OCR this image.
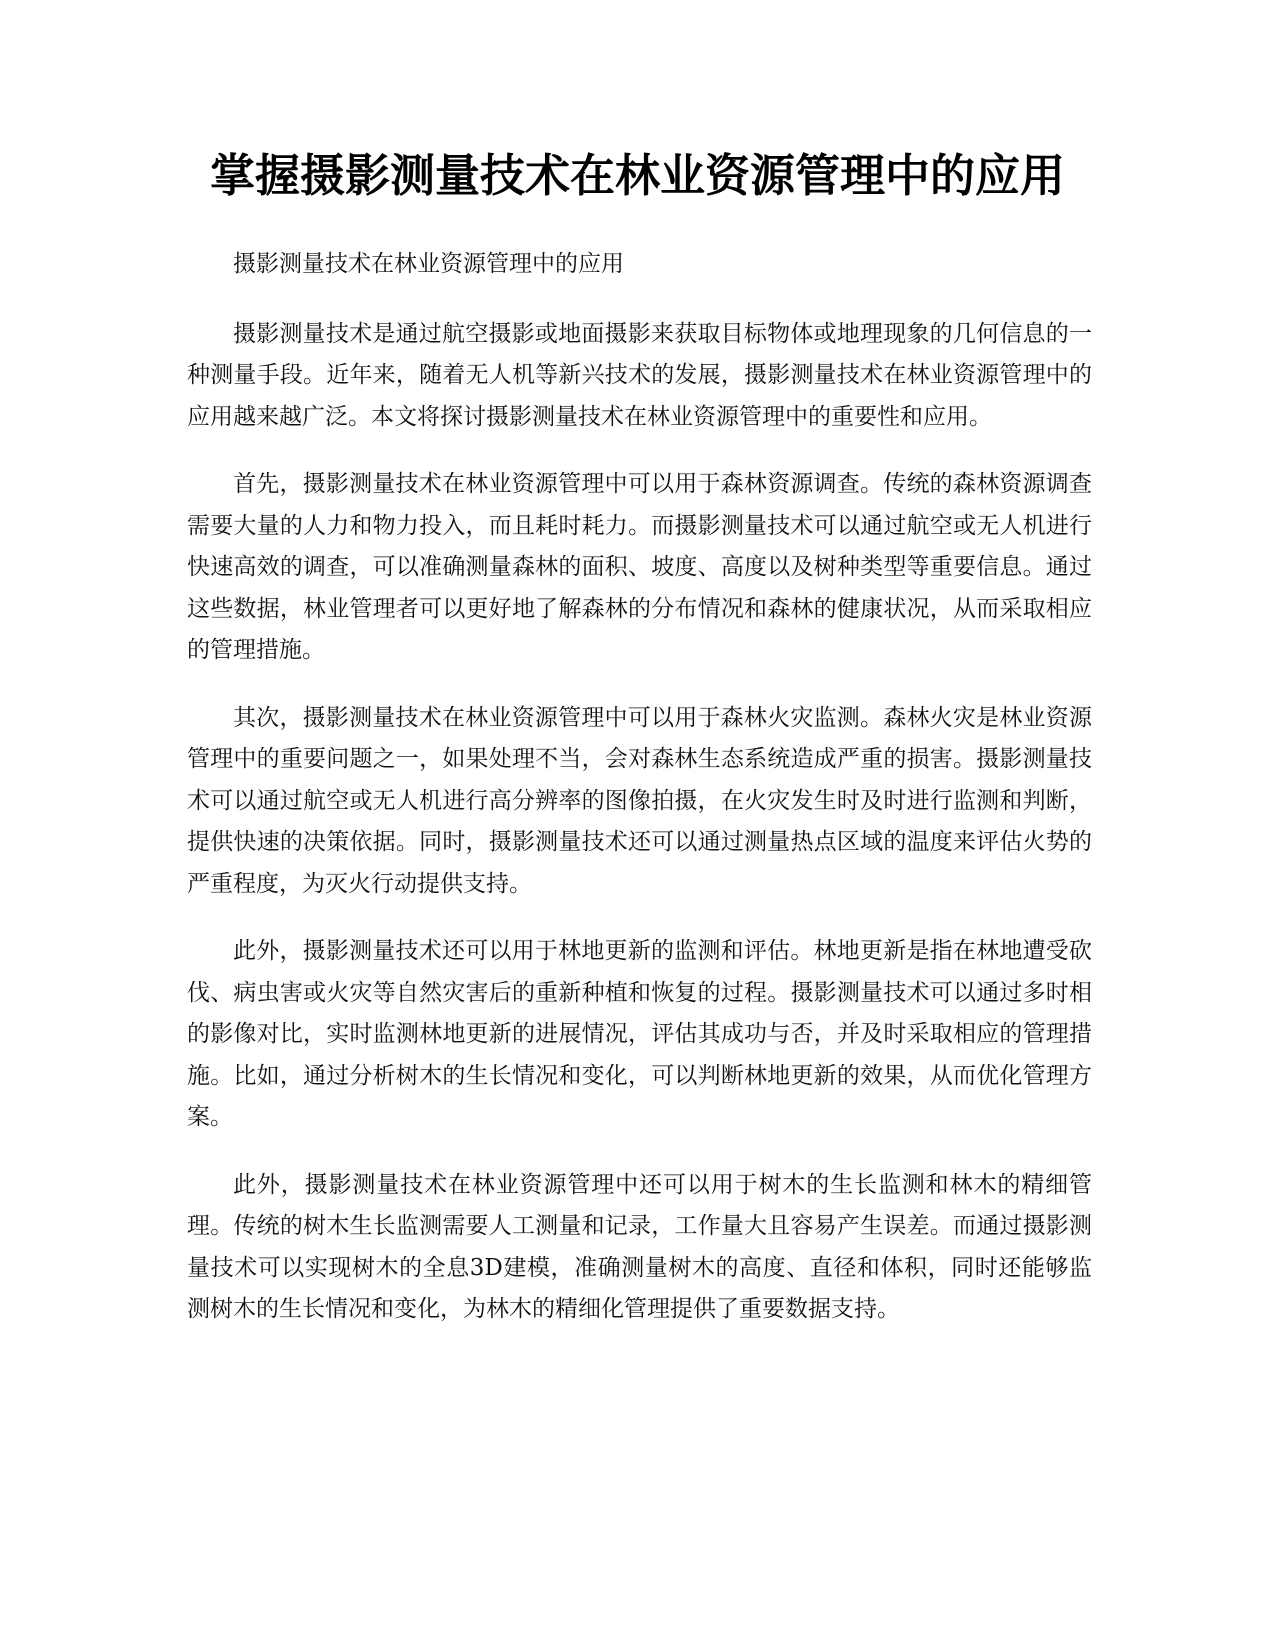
掌握摄影测量技术在林业资源管理中的应用

摄影测量技术在林业资源管理中的应用

摄影测量技术是通过航空摄影或地面摄影来获取目标物体或地理现象的几何信息的一种测量手段。近年来，随着无人机等新兴技术的发展，摄影测量技术在林业资源管理中的应用越来越广泛。本文将探讨摄影测量技术在林业资源管理中的重要性和应用。

首先，摄影测量技术在林业资源管理中可以用于森林资源调查。传统的森林资源调查需要大量的人力和物力投入，而且耗时耗力。而摄影测量技术可以通过航空或无人机进行快速高效的调查，可以准确测量森林的面积、坡度、高度以及树种类型等重要信息。通过这些数据，林业管理者可以更好地了解森林的分布情况和森林的健康状况，从而采取相应的管理措施。

其次，摄影测量技术在林业资源管理中可以用于森林火灾监测。森林火灾是林业资源管理中的重要问题之一，如果处理不当，会对森林生态系统造成严重的损害。摄影测量技术可以通过航空或无人机进行高分辨率的图像拍摄，在火灾发生时及时进行监测和判断，提供快速的决策依据。同时，摄影测量技术还可以通过测量热点区域的温度来评估火势的严重程度，为灭火行动提供支持。

此外，摄影测量技术还可以用于林地更新的监测和评估。林地更新是指在林地遭受砍伐、病虫害或火灾等自然灾害后的重新种植和恢复的过程。摄影测量技术可以通过多时相的影像对比，实时监测林地更新的进展情况，评估其成功与否，并及时采取相应的管理措施。比如，通过分析树木的生长情况和变化，可以判断林地更新的效果，从而优化管理方案。

此外，摄影测量技术在林业资源管理中还可以用于树木的生长监测和林木的精细管理。传统的树木生长监测需要人工测量和记录，工作量大且容易产生误差。而通过摄影测量技术可以实现树木的全息3D建模，准确测量树木的高度、直径和体积，同时还能够监测树木的生长情况和变化，为林木的精细化管理提供了重要数据支持。
